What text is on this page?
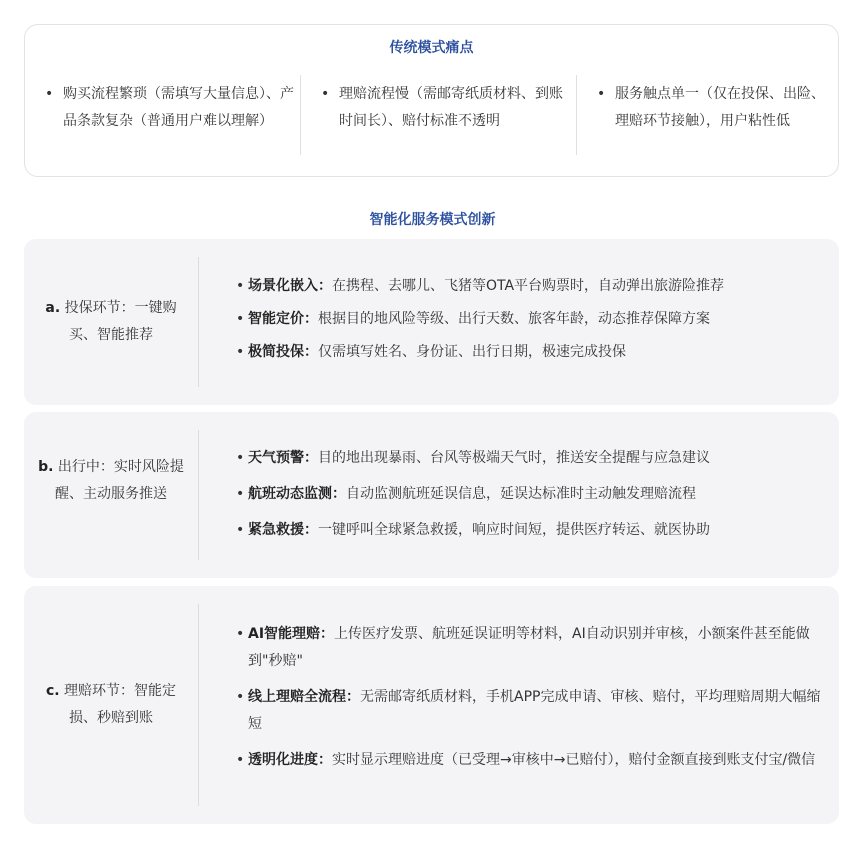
传统模式痛点
• 购买流程繁琐（需填写大量信息）、产品条款复杂（普通用户难以理解）
• 理赔流程慢（需邮寄纸质材料、到账时间长）、赔付标准不透明
• 服务触点单一（仅在投保、出险、理赔环节接触），用户粘性低
智能化服务模式创新
a. 投保环节：一键购买、智能推荐
• 场景化嵌入：在携程、去哪儿、飞猪等OTA平台购票时，自动弹出旅游险推荐
• 智能定价：根据目的地风险等级、出行天数、旅客年龄，动态推荐保障方案
• 极简投保：仅需填写姓名、身份证、出行日期，极速完成投保
b. 出行中：实时风险提醒、主动服务推送
• 天气预警：目的地出现暴雨、台风等极端天气时，推送安全提醒与应急建议
• 航班动态监测：自动监测航班延误信息，延误达标准时主动触发理赔流程
• 紧急救援：一键呼叫全球紧急救援，响应时间短，提供医疗转运、就医协助
c. 理赔环节：智能定损、秒赔到账
• AI智能理赔：上传医疗发票、航班延误证明等材料，AI自动识别并审核，小额案件甚至能做到"秒赔"
• 线上理赔全流程：无需邮寄纸质材料，手机APP完成申请、审核、赔付，平均理赔周期大幅缩短
• 透明化进度：实时显示理赔进度（已受理→审核中→已赔付），赔付金额直接到账支付宝/微信
